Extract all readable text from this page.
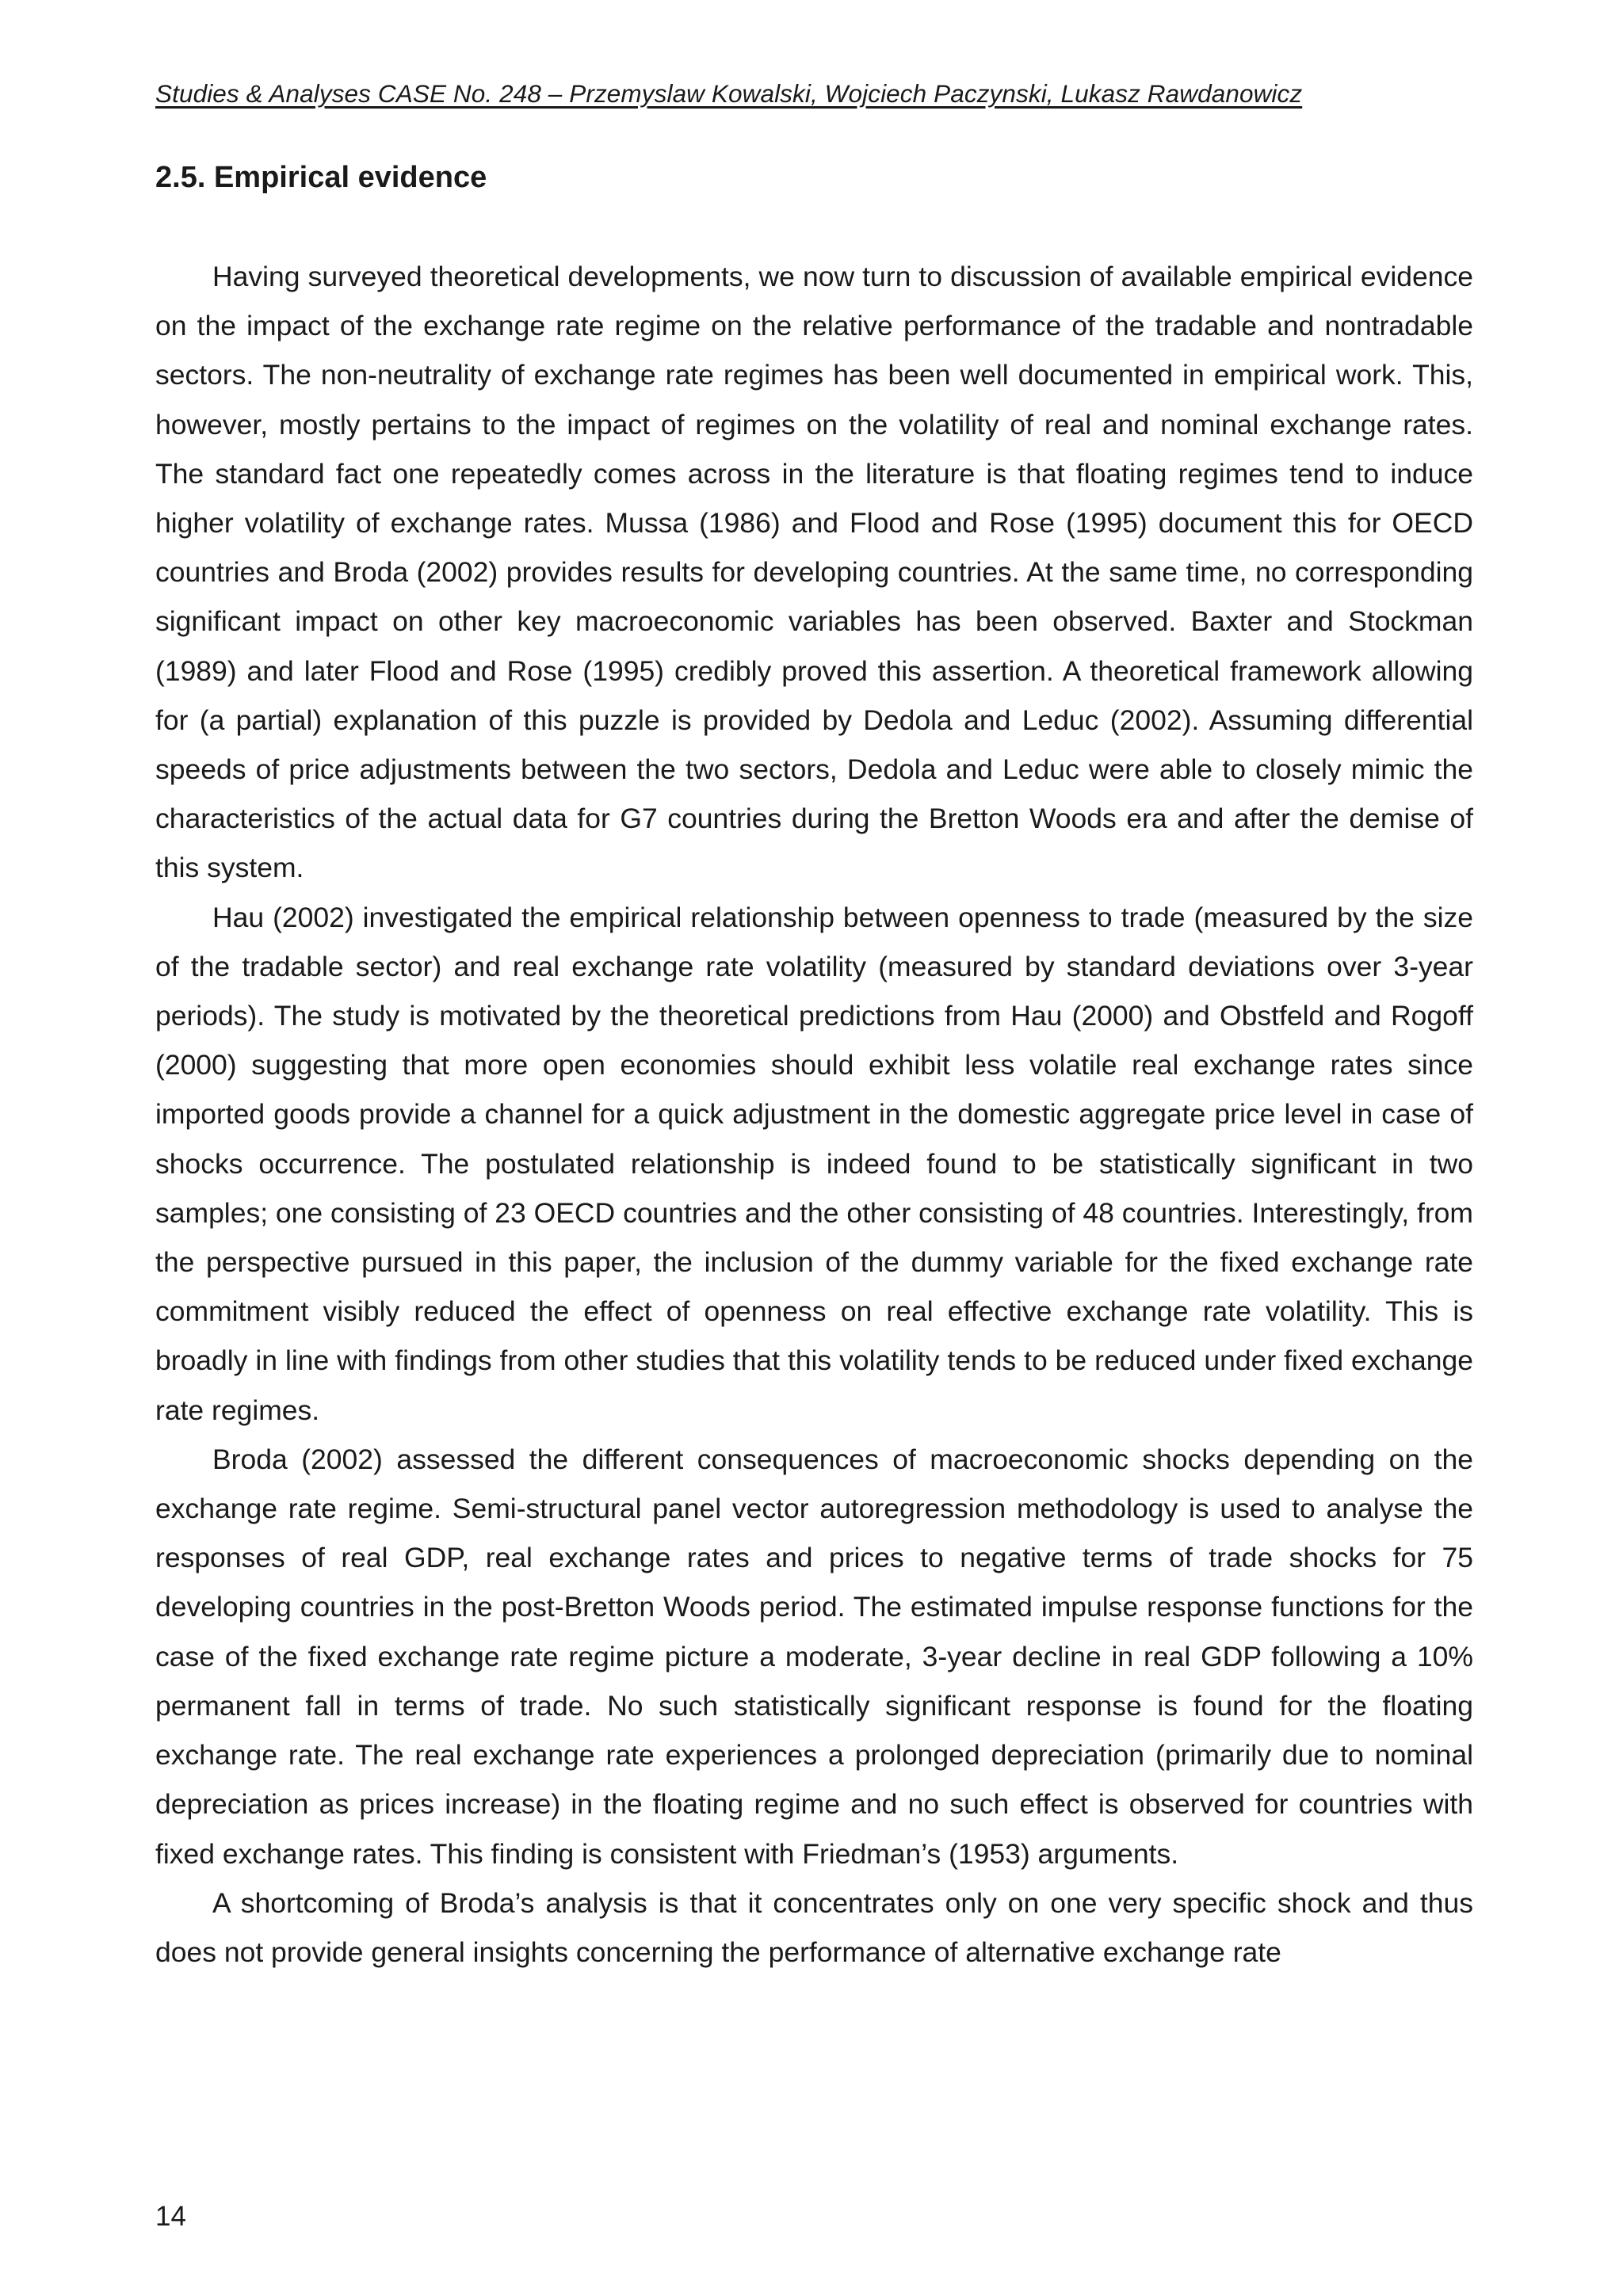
Studies & Analyses CASE No. 248 – Przemyslaw Kowalski, Wojciech Paczynski, Lukasz Rawdanowicz
2.5. Empirical evidence

Having surveyed theoretical developments, we now turn to discussion of available empirical evidence on the impact of the exchange rate regime on the relative performance of the tradable and nontradable sectors. The non-neutrality of exchange rate regimes has been well documented in empirical work. This, however, mostly pertains to the impact of regimes on the volatility of real and nominal exchange rates. The standard fact one repeatedly comes across in the literature is that floating regimes tend to induce higher volatility of exchange rates. Mussa (1986) and Flood and Rose (1995) document this for OECD countries and Broda (2002) provides results for developing countries. At the same time, no corresponding significant impact on other key macroeconomic variables has been observed. Baxter and Stockman (1989) and later Flood and Rose (1995) credibly proved this assertion. A theoretical framework allowing for (a partial) explanation of this puzzle is provided by Dedola and Leduc (2002). Assuming differential speeds of price adjustments between the two sectors, Dedola and Leduc were able to closely mimic the characteristics of the actual data for G7 countries during the Bretton Woods era and after the demise of this system.

Hau (2002) investigated the empirical relationship between openness to trade (measured by the size of the tradable sector) and real exchange rate volatility (measured by standard deviations over 3-year periods). The study is motivated by the theoretical predictions from Hau (2000) and Obstfeld and Rogoff (2000) suggesting that more open economies should exhibit less volatile real exchange rates since imported goods provide a channel for a quick adjustment in the domestic aggregate price level in case of shocks occurrence. The postulated relationship is indeed found to be statistically significant in two samples; one consisting of 23 OECD countries and the other consisting of 48 countries. Interestingly, from the perspective pursued in this paper, the inclusion of the dummy variable for the fixed exchange rate commitment visibly reduced the effect of openness on real effective exchange rate volatility. This is broadly in line with findings from other studies that this volatility tends to be reduced under fixed exchange rate regimes.

Broda (2002) assessed the different consequences of macroeconomic shocks depending on the exchange rate regime. Semi-structural panel vector autoregression methodology is used to analyse the responses of real GDP, real exchange rates and prices to negative terms of trade shocks for 75 developing countries in the post-Bretton Woods period. The estimated impulse response functions for the case of the fixed exchange rate regime picture a moderate, 3-year decline in real GDP following a 10% permanent fall in terms of trade. No such statistically significant response is found for the floating exchange rate. The real exchange rate experiences a prolonged depreciation (primarily due to nominal depreciation as prices increase) in the floating regime and no such effect is observed for countries with fixed exchange rates. This finding is consistent with Friedman’s (1953) arguments.

A shortcoming of Broda’s analysis is that it concentrates only on one very specific shock and thus does not provide general insights concerning the performance of alternative exchange rate

14
